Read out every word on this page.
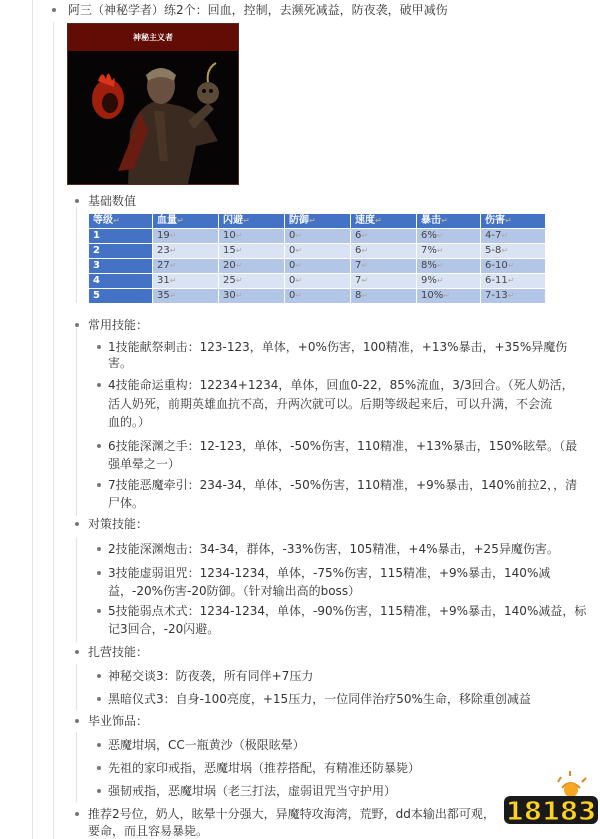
阿三（神秘学者）练2个：回血，控制，去濒死减益，防夜袭，破甲减伤
神秘主义者
基础数值
等级↵	血量↵	闪避↵	防御↵	速度↵	暴击↵	伤害↵
1	19↵	10↵	0↵	6↵	6%↵	4-7↵
2	23↵	15↵	0↵	6↵	7%↵	5-8↵
3	27↵	20↵	0↵	7↵	8%↵	6-10↵
4	31↵	25↵	0↵	7↵	9%↵	6-11↵
5	35↵	30↵	0↵	8↵	10%↵	7-13↵
常用技能：
1技能献祭刺击：123-123，单体，+0%伤害，100精准，+13%暴击，+35%异魔伤
害。
4技能命运重构：12234+1234，单体，回血0-22，85%流血，3/3回合。（死人奶活，
活人奶死，前期英雄血抗不高，升两次就可以。后期等级起来后，可以升满，不会流
血的。）
6技能深渊之手：12-123，单体，-50%伤害，110精准，+13%暴击，150%眩晕。（最
强单晕之一）
7技能恶魔牵引：234-34，单体，-50%伤害，110精准，+9%暴击，140%前拉2，，清
尸体。
对策技能：
2技能深渊炮击：34-34，群体，-33%伤害，105精准，+4%暴击，+25异魔伤害。
3技能虚弱诅咒：1234-1234，单体，-75%伤害，115精准，+9%暴击，140%减
益，-20%伤害-20防御。（针对输出高的boss）
5技能弱点术式：1234-1234，单体，-90%伤害，115精准，+9%暴击，140%减益，标
记3回合，-20闪避。
扎营技能：
神秘交谈3：防夜袭，所有同伴+7压力
黑暗仪式3：自身-100亮度，+15压力，一位同伴治疗50%生命，移除重创减益
毕业饰品：
恶魔坩埚，CC一瓶黄沙（极限眩晕）
先祖的家印戒指，恶魔坩埚（推荐搭配，有精准还防暴毙）
强韧戒指，恶魔坩埚（老三打法，虚弱诅咒当守护用）
推荐2号位，奶人，眩晕十分强大，异魔特攻海湾，荒野，dd本输出都可观，
要命，而且容易暴毙。
18183
